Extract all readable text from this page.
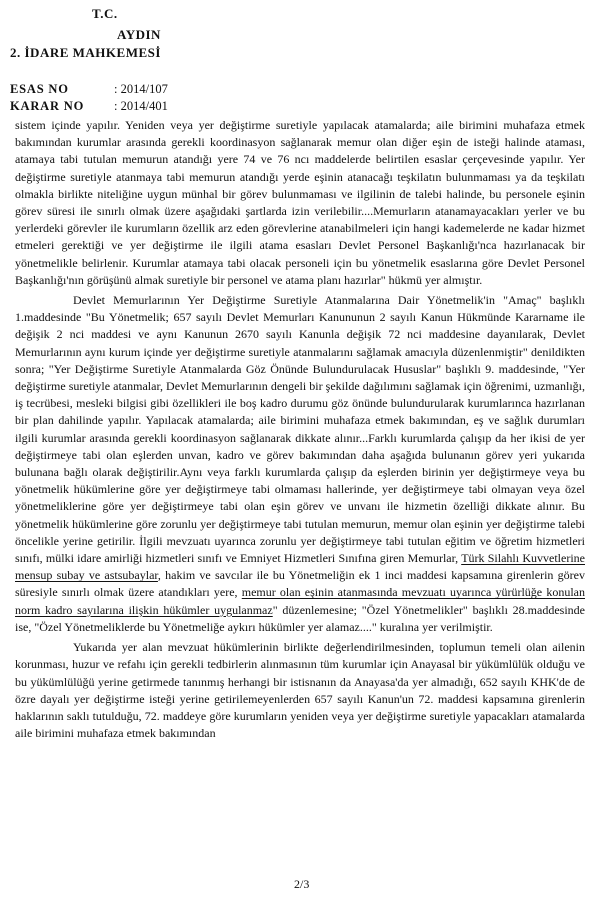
T.C.
AYDIN
2. İDARE MAHKEMESİ
ESAS NO	: 2014/107
KARAR NO : 2014/401

sistem içinde yapılır. Yeniden veya yer değiştirme suretiyle yapılacak atamalarda; aile birimini muhafaza etmek bakımından kurumlar arasında gerekli koordinasyon sağlanarak memur olan diğer eşin de isteği halinde ataması, atamaya tabi tutulan memurun atandığı yere 74 ve 76 ncı maddelerde belirtilen esaslar çerçevesinde yapılır. Yer değiştirme suretiyle atanmaya tabi memurun atandığı yerde eşinin atanacağı teşkilatın bulunmaması ya da teşkilatı olmakla birlikte niteliğine uygun münhal bir görev bulunmaması ve ilgilinin de talebi halinde, bu personele eşinin görev süresi ile sınırlı olmak üzere aşağıdaki şartlarda izin verilebilir....Memurların atanamayacakları yerler ve bu yerlerdeki görevler ile kurumların özellik arz eden görevlerine atanabilmeleri için hangi kademelerde ne kadar hizmet etmeleri gerektiği ve yer değiştirme ile ilgili atama esasları Devlet Personel Başkanlığı'nca hazırlanacak bir yönetmelikle belirlenir. Kurumlar atamaya tabi olacak personeli için bu yönetmelik esaslarına göre Devlet Personel Başkanlığı'nın görüşünü almak suretiyle bir personel ve atama planı hazırlar" hükmü yer almıştır.

Devlet Memurlarının Yer Değiştirme Suretiyle Atanmalarına Dair Yönetmelik'in "Amaç" başlıklı 1.maddesinde "Bu Yönetmelik; 657 sayılı Devlet Memurları Kanununun 2 sayılı Kanun Hükmünde Kararname ile değişik 2 nci maddesi ve aynı Kanunun 2670 sayılı Kanunla değişik 72 nci maddesine dayanılarak, Devlet Memurlarının aynı kurum içinde yer değiştirme suretiyle atanmalarını sağlamak amacıyla düzenlenmiştir" denildikten sonra; "Yer Değiştirme Suretiyle Atanmalarda Göz Önünde Bulundurulacak Hususlar" başlıklı 9. maddesinde, "Yer değiştirme suretiyle atanmalar, Devlet Memurlarının dengeli bir şekilde dağılımını sağlamak için öğrenimi, uzmanlığı, iş tecrübesi, mesleki bilgisi gibi özellikleri ile boş kadro durumu göz önünde bulundurularak kurumlarınca hazırlanan bir plan dahilinde yapılır. Yapılacak atamalarda; aile birimini muhafaza etmek bakımından, eş ve sağlık durumları ilgili kurumlar arasında gerekli koordinasyon sağlanarak dikkate alınır...Farklı kurumlarda çalışıp da her ikisi de yer değiştirmeye tabi olan eşlerden unvan, kadro ve görev bakımından daha aşağıda bulunanın görev yeri yukarıda bulunana bağlı olarak değiştirilir.Aynı veya farklı kurumlarda çalışıp da eşlerden birinin yer değiştirmeye veya bu yönetmelik hükümlerine göre yer değiştirmeye tabi olmaması hallerinde, yer değiştirmeye tabi olmayan veya özel yönetmeliklerine göre yer değiştirmeye tabi olan eşin görev ve unvanı ile hizmetin özelliği dikkate alınır. Bu yönetmelik hükümlerine göre zorunlu yer değiştirmeye tabi tutulan memurun, memur olan eşinin yer değiştirme talebi öncelikle yerine getirilir. İlgili mevzuatı uyarınca zorunlu yer değiştirmeye tabi tutulan eğitim ve öğretim hizmetleri sınıfı, mülki idare amirliği hizmetleri sınıfı ve Emniyet Hizmetleri Sınıfına giren Memurlar, Türk Silahlı Kuvvetlerine mensup subay ve astsubaylar, hakim ve savcılar ile bu Yönetmeliğin ek 1 inci maddesi kapsamına girenlerin görev süresiyle sınırlı olmak üzere atandıkları yere, memur olan eşinin atanmasında mevzuatı uyarınca yürürlüğe konulan norm kadro sayılarına ilişkin hükümler uygulanmaz" düzenlemesine; "Özel Yönetmelikler" başlıklı 28.maddesinde ise, "Özel Yönetmeliklerde bu Yönetmeliğe aykırı hükümler yer alamaz...." kuralına yer verilmiştir.

Yukarıda yer alan mevzuat hükümlerinin birlikte değerlendirilmesinden, toplumun temeli olan ailenin korunması, huzur ve refahı için gerekli tedbirlerin alınmasının tüm kurumlar için Anayasal bir yükümlülük olduğu ve bu yükümlülüğü yerine getirmede tanınmış herhangi bir istisnanın da Anayasa'da yer almadığı, 652 sayılı KHK'de de özre dayalı yer değiştirme isteği yerine getirilemeyenlerden 657 sayılı Kanun'un 72. maddesi kapsamına girenlerin haklarının saklı tutulduğu, 72. maddeye göre kurumların yeniden veya yer değiştirme suretiyle yapacakları atamalarda aile birimini muhafaza etmek bakımından

2/3
